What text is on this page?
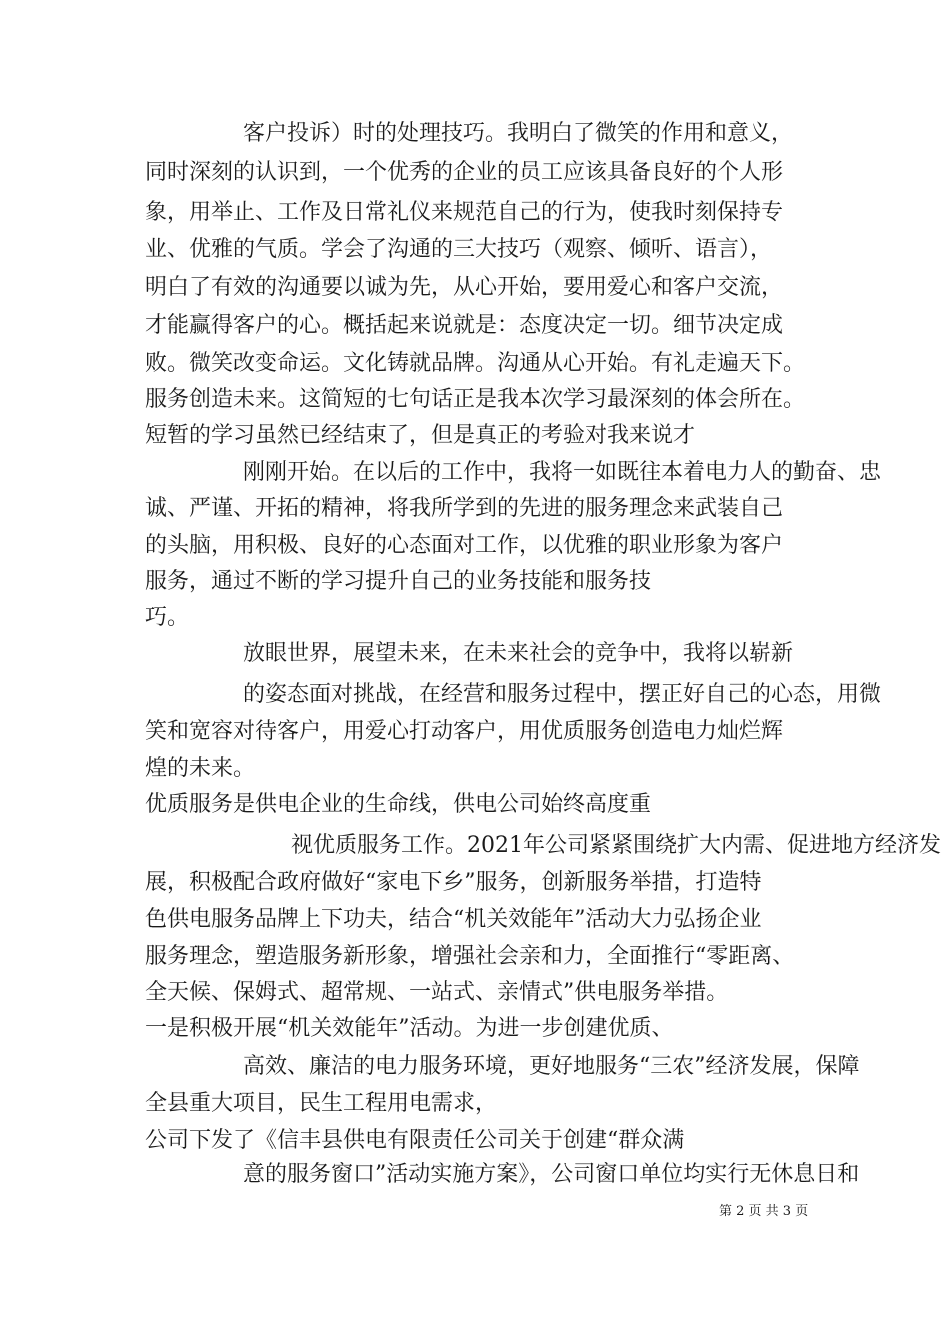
客户投诉）时的处理技巧。我明白了微笑的作用和意义，
同时深刻的认识到，一个优秀的企业的员工应该具备良好的个人形
象，用举止、工作及日常礼仪来规范自己的行为，使我时刻保持专
业、优雅的气质。学会了沟通的三大技巧（观察、倾听、语言），
明白了有效的沟通要以诚为先，从心开始，要用爱心和客户交流，
才能赢得客户的心。概括起来说就是：态度决定一切。细节决定成
败。微笑改变命运。文化铸就品牌。沟通从心开始。有礼走遍天下。
服务创造未来。这简短的七句话正是我本次学习最深刻的体会所在。
短暂的学习虽然已经结束了，但是真正的考验对我来说才
刚刚开始。在以后的工作中，我将一如既往本着电力人的勤奋、忠
诚、严谨、开拓的精神，将我所学到的先进的服务理念来武装自己
的头脑，用积极、良好的心态面对工作，以优雅的职业形象为客户
服务，通过不断的学习提升自己的业务技能和服务技
巧。
放眼世界，展望未来，在未来社会的竞争中，我将以崭新
的姿态面对挑战，在经营和服务过程中，摆正好自己的心态，用微
笑和宽容对待客户，用爱心打动客户，用优质服务创造电力灿烂辉
煌的未来。
优质服务是供电企业的生命线，供电公司始终高度重
视优质服务工作。2021年公司紧紧围绕扩大内需、促进地方经济发
展，积极配合政府做好“家电下乡”服务，创新服务举措，打造特
色供电服务品牌上下功夫，结合“机关效能年”活动大力弘扬企业
服务理念，塑造服务新形象，增强社会亲和力，全面推行“零距离、
全天候、保姆式、超常规、一站式、亲情式”供电服务举措。
一是积极开展“机关效能年”活动。为进一步创建优质、
高效、廉洁的电力服务环境，更好地服务“三农”经济发展，保障
全县重大项目，民生工程用电需求，
公司下发了《信丰县供电有限责任公司关于创建“群众满
意的服务窗口”活动实施方案》，公司窗口单位均实行无休息日和
第 2 页 共 3 页
